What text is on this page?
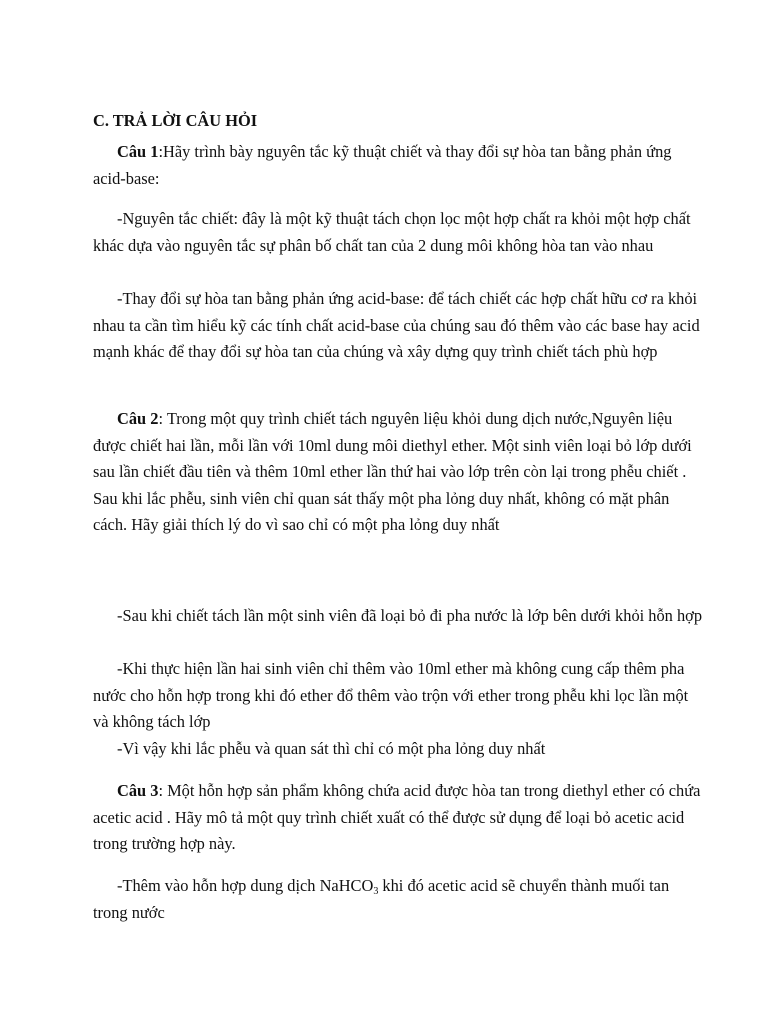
C. TRẢ LỜI CÂU HỎI

Câu 1:Hãy trình bày nguyên tắc kỹ thuật chiết và thay đổi sự hòa tan bằng phản ứng acid-base:

-Nguyên tắc chiết: đây là một kỹ thuật tách chọn lọc một hợp chất ra khỏi một hợp chất khác dựa vào nguyên tắc sự phân bố chất tan của 2 dung môi không hòa tan vào nhau

-Thay đổi sự hòa tan bằng phản ứng acid-base: để tách chiết các hợp chất hữu cơ ra khỏi nhau ta cần tìm hiểu kỹ các tính chất acid-base của chúng sau đó thêm vào các base hay acid mạnh khác để thay đổi sự hòa tan của chúng và xây dựng quy trình chiết tách phù hợp

Câu 2: Trong một quy trình chiết tách nguyên liệu khỏi dung dịch nước,Nguyên liệu được chiết hai lần, mỗi lần với 10ml dung môi diethyl ether. Một sinh viên loại bỏ lớp dưới sau lần chiết đầu tiên và thêm 10ml ether lần thứ hai vào lớp trên còn lại trong phễu chiết . Sau khi lắc phễu, sinh viên chỉ quan sát thấy một pha lỏng duy nhất, không có mặt phân cách. Hãy giải thích lý do vì sao chỉ có một pha lỏng duy nhất

-Sau khi chiết tách lần một sinh viên đã loại bỏ đi pha nước là lớp bên dưới khỏi hỗn hợp

-Khi thực hiện lần hai sinh viên chỉ thêm vào 10ml ether mà không cung cấp thêm pha nước cho hỗn hợp trong khi đó ether đổ thêm vào trộn với ether trong phễu khi lọc lần một và không tách lớp

-Vì vậy khi lắc phễu và quan sát thì chỉ có một pha lỏng duy nhất

Câu 3: Một hỗn hợp sản phẩm không chứa acid được hòa tan trong diethyl ether có chứa acetic acid . Hãy mô tả một quy trình chiết xuất có thể được sử dụng để loại bỏ acetic acid trong trường hợp này.

-Thêm vào hỗn hợp dung dịch NaHCO$_3$ khi đó acetic acid sẽ chuyển thành muối tan trong nước
